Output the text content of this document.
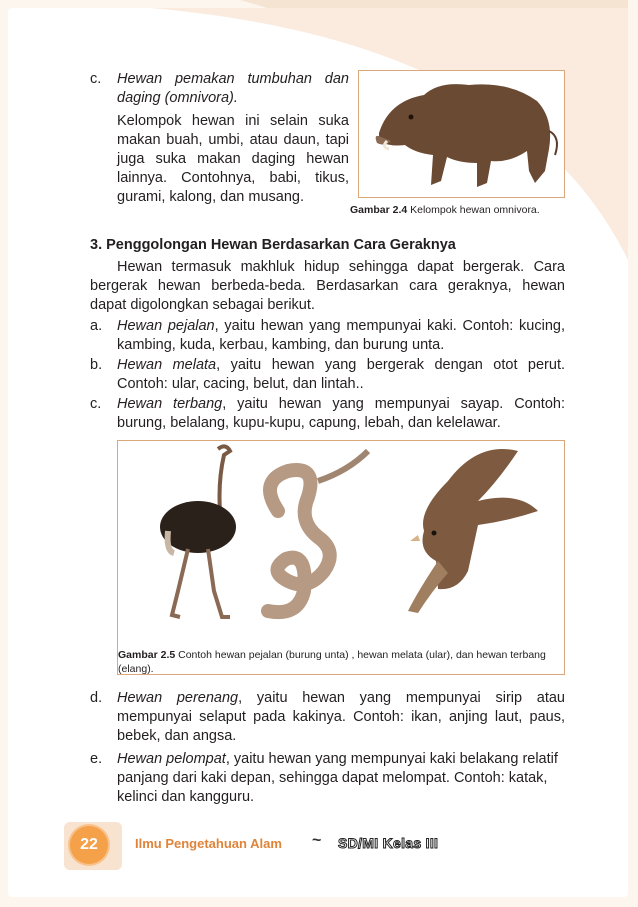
c. Hewan pemakan tumbuhan dan daging (omnivora).
Kelompok hewan ini selain suka makan buah, umbi, atau daun, tapi juga suka makan daging hewan lainnya. Contohnya, babi, tikus, gurami, kalong, dan musang.
Gambar 2.4 Kelompok hewan omnivora.
3. Penggolongan Hewan Berdasarkan Cara Geraknya
Hewan termasuk makhluk hidup sehingga dapat bergerak. Cara bergerak hewan berbeda-beda. Berdasarkan cara geraknya, hewan dapat digolongkan sebagai berikut.
a. Hewan pejalan, yaitu hewan yang mempunyai kaki. Contoh: kucing, kambing, kuda, kerbau, kambing, dan burung unta.
b. Hewan melata, yaitu hewan yang bergerak dengan otot perut. Contoh: ular, cacing, belut, dan lintah..
c. Hewan terbang, yaitu hewan yang mempunyai sayap. Contoh: burung, belalang, kupu-kupu, capung, lebah, dan kelelawar.
Gambar 2.5 Contoh hewan pejalan (burung unta) , hewan melata (ular), dan hewan terbang (elang).
d. Hewan perenang, yaitu hewan yang mempunyai sirip atau mempunyai selaput pada kakinya. Contoh: ikan, anjing laut, paus, bebek, dan angsa.
e. Hewan pelompat, yaitu hewan yang mempunyai kaki belakang relatif panjang dari kaki depan, sehingga dapat melompat. Contoh: katak, kelinci dan kangguru.
22	Ilmu Pengetahuan Alam ~ SD/MI Kelas III
